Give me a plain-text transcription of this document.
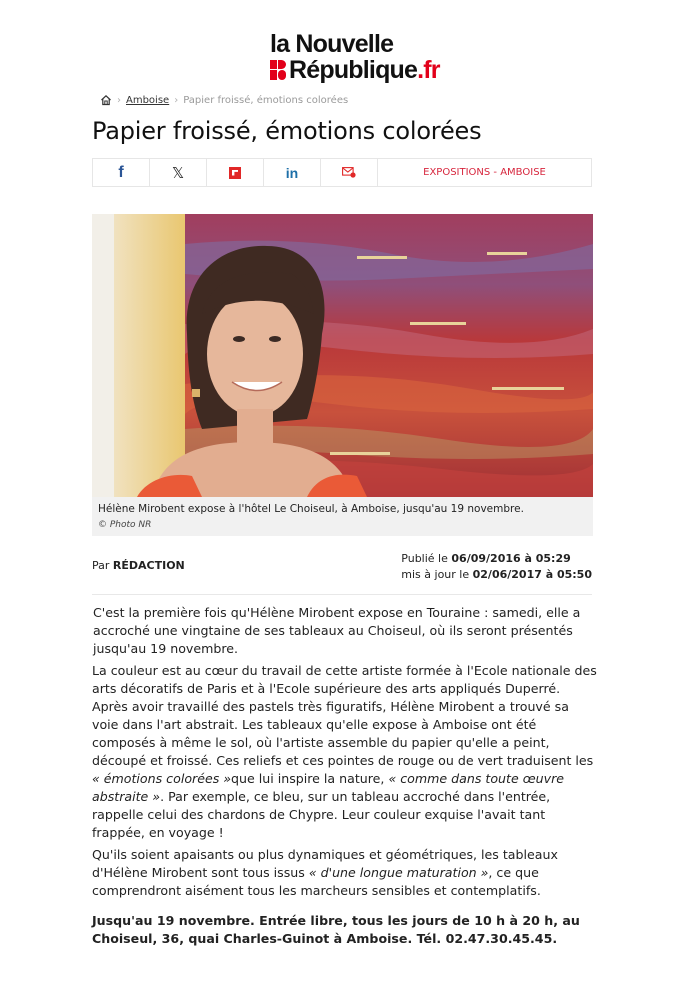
la Nouvelle
République.fr
› Amboise › Papier froissé, émotions colorées
Papier froissé, émotions colorées
f	𝕏	in	EXPOSITIONS - AMBOISE
Hélène Mirobent expose à l'hôtel Le Choiseul, à Amboise, jusqu'au 19 novembre.
© Photo NR
Par RÉDACTION
Publié le 06/09/2016 à 05:29
mis à jour le 02/06/2017 à 05:50

C'est la première fois qu'Hélène Mirobent expose en Touraine : samedi, elle a accroché une vingtaine de ses tableaux au Choiseul, où ils seront présentés jusqu'au 19 novembre.

La couleur est au cœur du travail de cette artiste formée à l'Ecole nationale des arts décoratifs de Paris et à l'Ecole supérieure des arts appliqués Duperré. Après avoir travaillé des pastels très figuratifs, Hélène Mirobent a trouvé sa voie dans l'art abstrait. Les tableaux qu'elle expose à Amboise ont été composés à même le sol, où l'artiste assemble du papier qu'elle a peint, découpé et froissé. Ces reliefs et ces pointes de rouge ou de vert traduisent les « émotions colorées »que lui inspire la nature, « comme dans toute œuvre abstraite ». Par exemple, ce bleu, sur un tableau accroché dans l'entrée, rappelle celui des chardons de Chypre. Leur couleur exquise l'avait tant frappée, en voyage !

Qu'ils soient apaisants ou plus dynamiques et géométriques, les tableaux d'Hélène Mirobent sont tous issus « d'une longue maturation », ce que comprendront aisément tous les marcheurs sensibles et contemplatifs.

Jusqu'au 19 novembre. Entrée libre, tous les jours de 10 h à 20 h, au Choiseul, 36, quai Charles-Guinot à Amboise. Tél. 02.47.30.45.45.
